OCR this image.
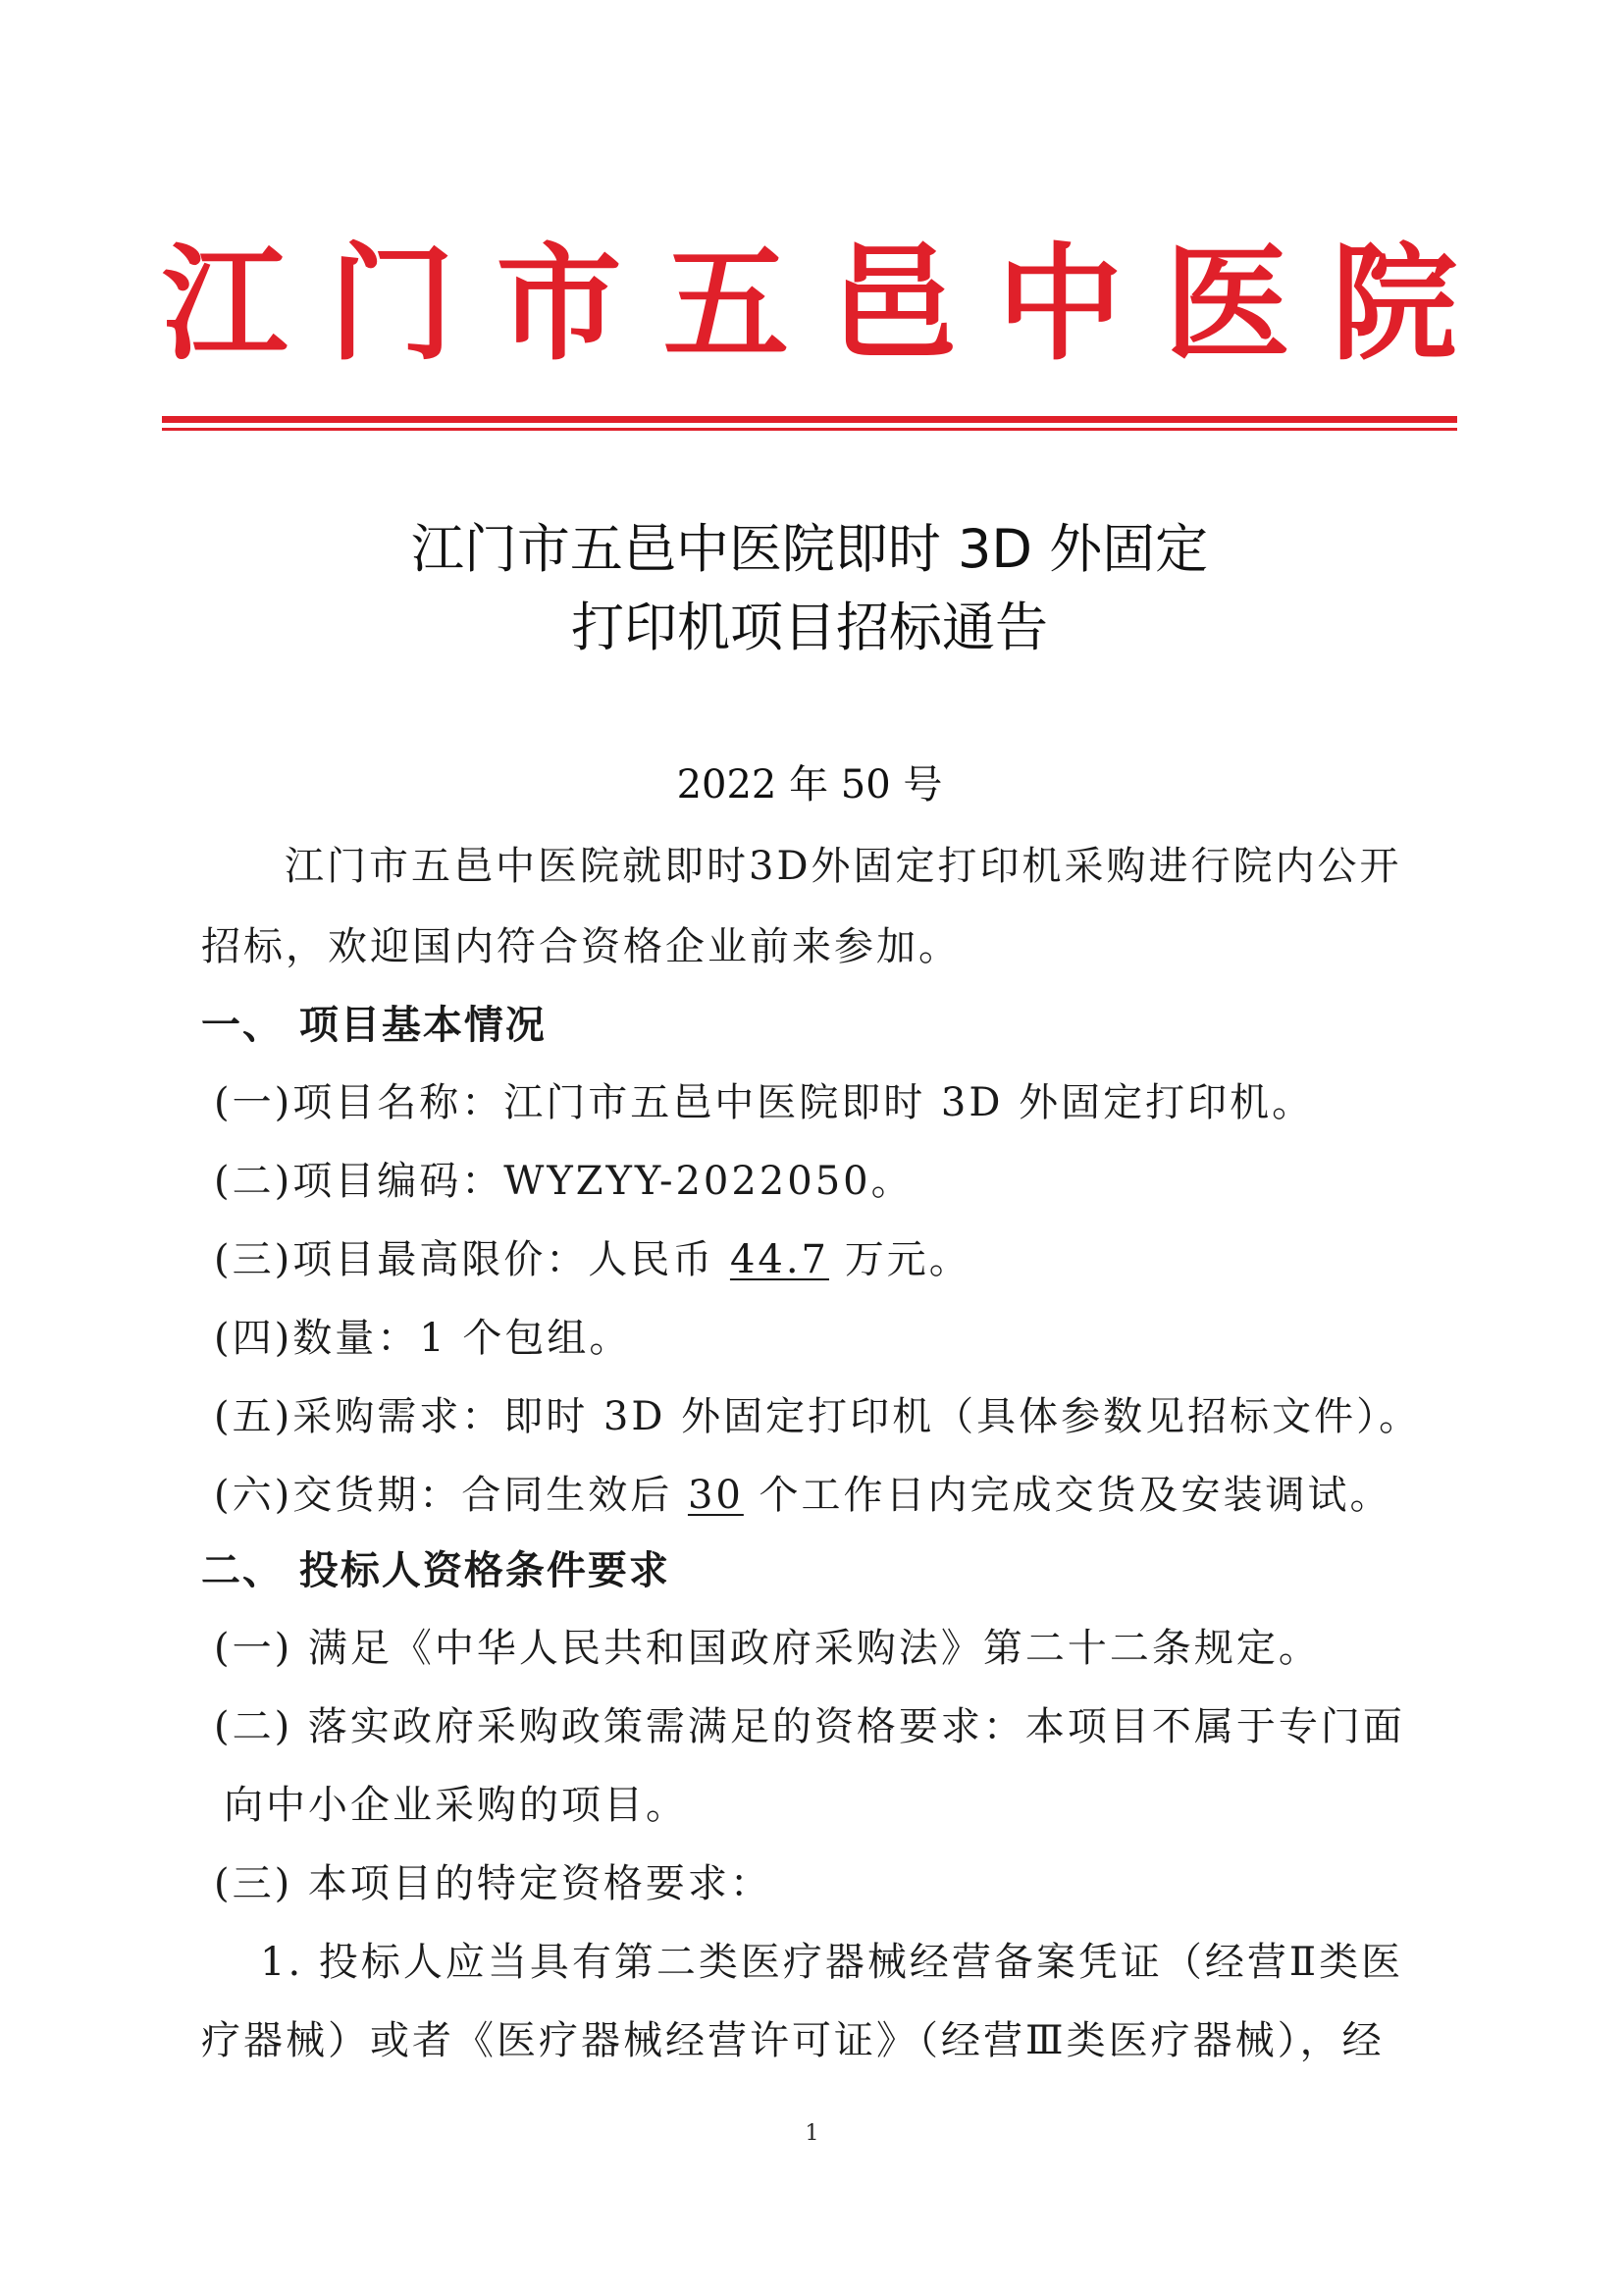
江 门 市 五 邑 中 医 院
江门市五邑中医院即时 3D 外固定
打印机项目招标通告
2022 年 50 号
江门市五邑中医院就即时3D外固定打印机采购进行院内公开
招标，欢迎国内符合资格企业前来参加。
一、 项目基本情况
(一)项目名称：江门市五邑中医院即时 3D 外固定打印机。
(二)项目编码：WYZYY-2022050。
(三)项目最高限价：人民币 44.7 万元。
(四)数量：1 个包组。
(五)采购需求：即时 3D 外固定打印机（具体参数见招标文件）。
(六)交货期：合同生效后 30 个工作日内完成交货及安装调试。
二、 投标人资格条件要求
(一) 满足《中华人民共和国政府采购法》第二十二条规定。
(二) 落实政府采购政策需满足的资格要求：本项目不属于专门面
向中小企业采购的项目。
(三) 本项目的特定资格要求：
1. 投标人应当具有第二类医疗器械经营备案凭证（经营Ⅱ类医
疗器械）或者《医疗器械经营许可证》（经营Ⅲ类医疗器械），经
1
